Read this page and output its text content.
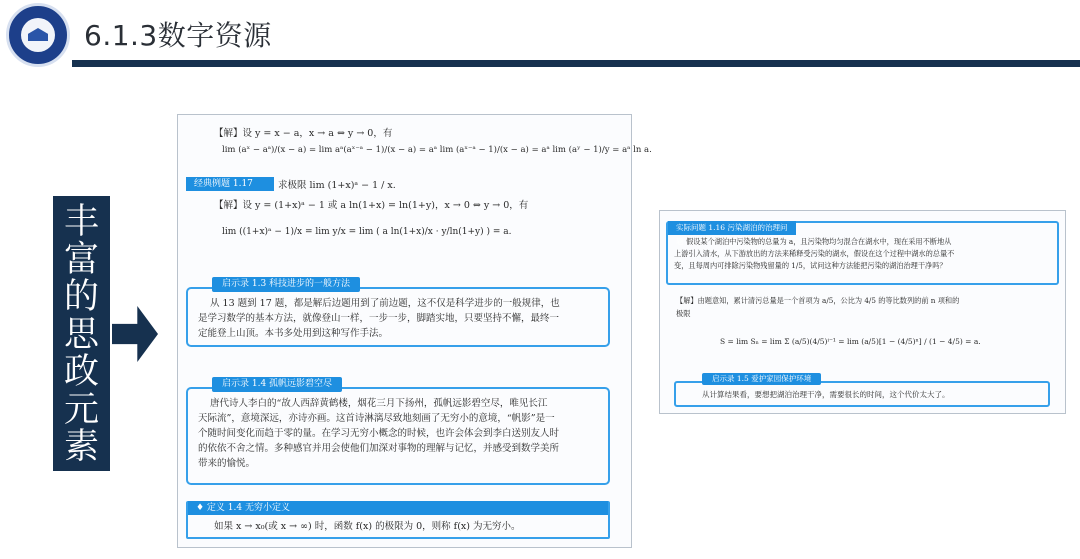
6.1.3数字资源
丰
富
的
思
政
元
素
【解】设 y = x − a，x → a ⇔ y → 0，有
lim (aˣ − aᵃ)/(x − a) = lim aᵃ(aˣ⁻ᵃ − 1)/(x − a) = aᵃ lim (aˣ⁻ᵃ − 1)/(x − a) = aᵃ lim (aʸ − 1)/y = aᵃ ln a.
经典例题 1.17	求极限 lim (1+x)ᵃ − 1 / x.
【解】设 y = (1+x)ᵃ − 1 或 a ln(1+x) = ln(1+y)，x → 0 ⇔ y → 0，有
lim ((1+x)ᵃ − 1)/x = lim y/x = lim ( a ln(1+x)/x · y/ln(1+y) ) = a.
启示录 1.3 科技进步的一般方法
从 13 题到 17 题，都是解后边题用到了前边题，这不仅是科学进步的一般规律，也
是学习数学的基本方法，就像登山一样，一步一步，脚踏实地，只要坚持不懈，最终一
定能登上山顶。本书多处用到这种写作手法。
启示录 1.4 孤帆远影碧空尽
唐代诗人李白的“故人西辞黄鹤楼，烟花三月下扬州，孤帆远影碧空尽，唯见长江
天际流”，意境深远，亦诗亦画。这首诗淋漓尽致地刻画了无穷小的意境，“帆影”是一
个随时间变化而趋于零的量。在学习无穷小概念的时候，也许会体会到李白送别友人时
的依依不舍之情。多种感官并用会使他们加深对事物的理解与记忆，并感受到数学美所
带来的愉悦。
♦ 定义 1.4 无穷小定义
如果 x → x₀(或 x → ∞) 时，函数 f(x) 的极限为 0，则称 f(x) 为无穷小。
实际问题 1.16 污染湖泊的治理问题 假设某个湖泊中污染物的总量为 a，且污染物均匀混合在湖水中，现在采用不断地从
上游引入清水，从下游放出的方法来稀释受污染的湖水，假设在这个过程中湖水的总量不
变，且每周内可排除污染物残留量的 1/5，试问这种方法能把污染的湖泊治理干净吗？
【解】由题意知，累计清污总量是一个首项为 a/5，公比为 4/5 的等比数列的前 n 项和的
极限
S = lim Sₙ = lim Σ (a/5)(4/5)ⁱ⁻¹ = lim (a/5)[1 − (4/5)ⁿ] / (1 − 4/5) = a.
启示录 1.5 爱护家园保护环境
从计算结果看，要想把湖泊治理干净，需要很长的时间，这个代价太大了。
